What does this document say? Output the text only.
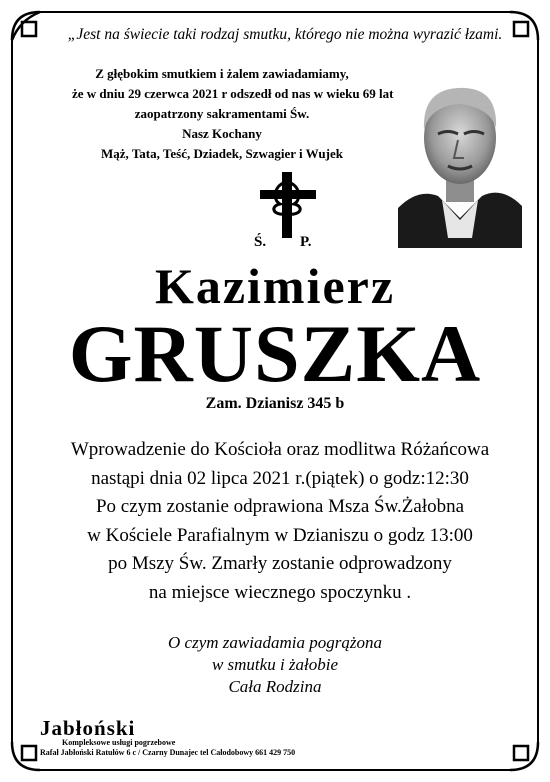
„Jest na świecie taki rodzaj smutku, którego nie można wyrazić łzami.
Z głębokim smutkiem i żalem zawiadamiamy,
że w dniu 29 czerwca 2021 r odszedł od nas w wieku 69 lat
zaopatrzony sakramentami Św.
Nasz Kochany
Mąż, Tata, Teść, Dziadek, Szwagier i Wujek
Ś. P.
Kazimierz
GRUSZKA
Zam. Dzianisz 345 b
Wprowadzenie do Kościoła oraz modlitwa Różańcowa
nastąpi dnia 02 lipca 2021 r.(piątek) o godz:12:30
Po czym zostanie odprawiona Msza Św.Żałobna
w Kościele Parafialnym w Dzianiszu o godz 13:00
po Mszy Św. Zmarły zostanie odprowadzony
na miejsce wiecznego spoczynku .
O czym zawiadamia pogrążona
w smutku i żałobie
Cała Rodzina
Jabłoński
Kompleksowe usługi pogrzebowe
Rafał Jabłoński Ratułów 6 c / Czarny Dunajec tel Całodobowy 661 429 750
